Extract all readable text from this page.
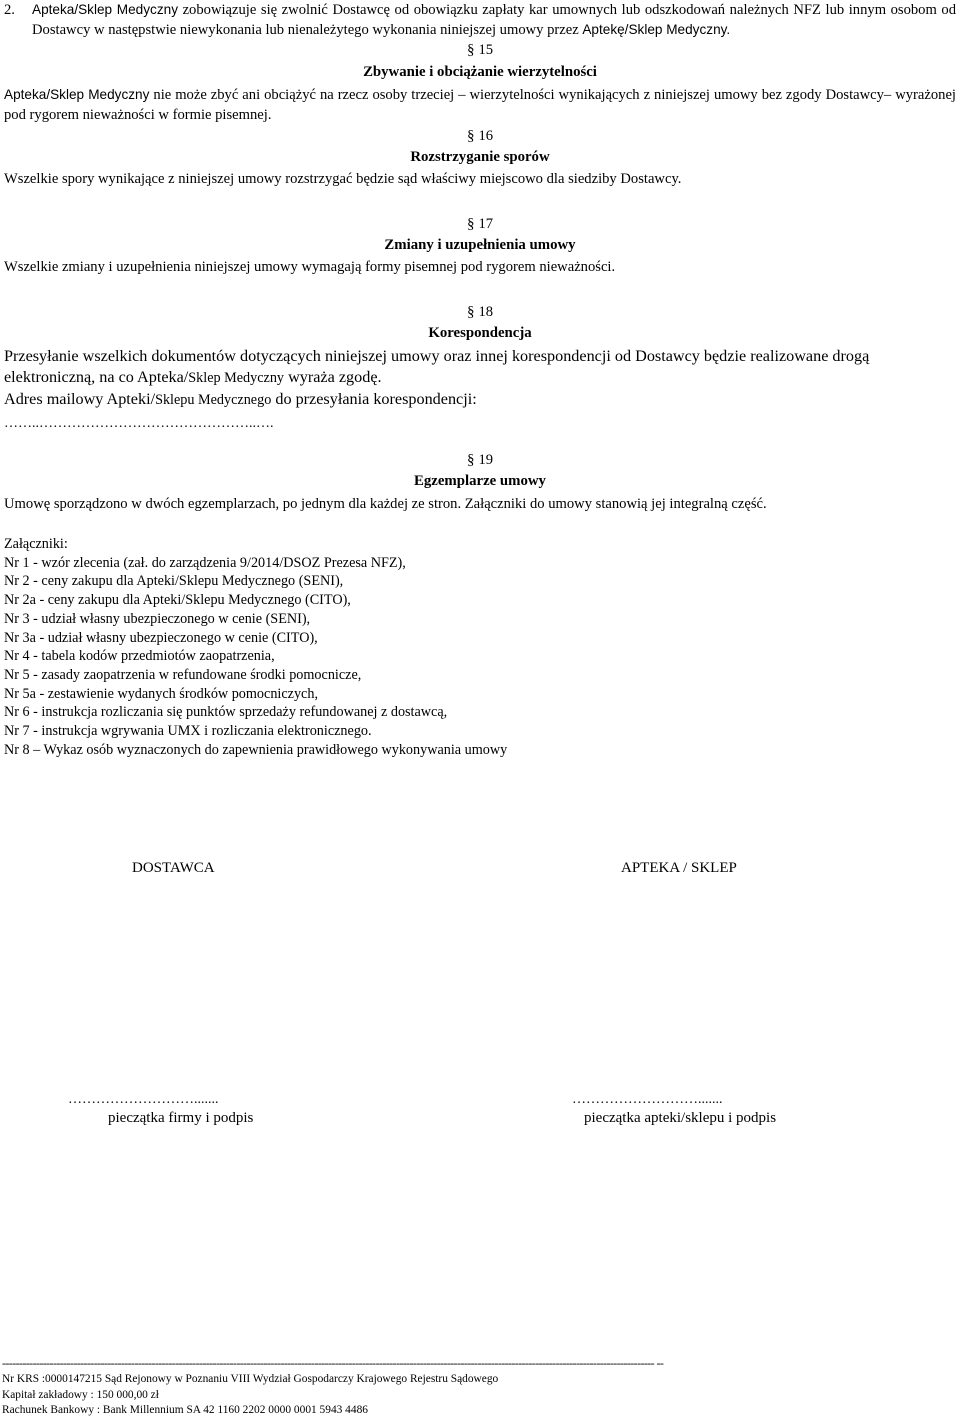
2. Apteka/Sklep Medyczny zobowiązuje się zwolnić Dostawcę od obowiązku zapłaty kar umownych lub odszkodowań należnych NFZ lub innym osobom od Dostawcy w następstwie niewykonania lub nienależytego wykonania niniejszej umowy przez Aptekę/Sklep Medyczny.
§ 15
Zbywanie i obciążanie wierzytelności
Apteka/Sklep Medyczny nie może zbyć ani obciążyć na rzecz osoby trzeciej – wierzytelności wynikających z niniejszej umowy bez zgody Dostawcy– wyrażonej pod rygorem nieważności w formie pisemnej.
§ 16
Rozstrzyganie sporów
Wszelkie spory wynikające z niniejszej umowy rozstrzygać będzie sąd właściwy miejscowo dla siedziby Dostawcy.
§ 17
Zmiany i uzupełnienia umowy
Wszelkie zmiany i uzupełnienia niniejszej umowy wymagają formy pisemnej pod rygorem nieważności.
§ 18
Korespondencja
Przesyłanie wszelkich dokumentów dotyczących niniejszej umowy oraz innej korespondencji od Dostawcy będzie realizowane drogą elektroniczną, na co Apteka/Sklep Medyczny wyraża zgodę.
Adres mailowy Apteki/Sklepu Medycznego do przesyłania korespondencji:
……..………………………………………..….
§ 19
Egzemplarze umowy
Umowę sporządzono w dwóch egzemplarzach, po jednym dla każdej ze stron. Załączniki do umowy stanowią jej integralną część.
Załączniki:
Nr 1 - wzór zlecenia (zał. do zarządzenia 9/2014/DSOZ Prezesa NFZ),
Nr 2 - ceny zakupu dla Apteki/Sklepu Medycznego (SENI),
Nr 2a - ceny zakupu dla Apteki/Sklepu Medycznego (CITO),
Nr 3 - udział własny ubezpieczonego w cenie (SENI),
Nr 3a - udział własny ubezpieczonego w cenie (CITO),
Nr 4 - tabela kodów przedmiotów zaopatrzenia,
Nr 5 - zasady zaopatrzenia w refundowane środki pomocnicze,
Nr 5a - zestawienie wydanych środków pomocniczych,
Nr 6 - instrukcja rozliczania się punktów sprzedaży refundowanej z dostawcą,
Nr 7 - instrukcja wgrywania UMX i rozliczania elektronicznego.
Nr 8 – Wykaz osób wyznaczonych do zapewnienia prawidłowego wykonywania umowy
DOSTAWCA	APTEKA / SKLEP
……………………….......	……………………….......
pieczątka firmy i podpis	pieczątka apteki/sklepu i podpis
------------------------------------------------------------------------------------------------------------------------------------------------------------------------------------------------ --
Nr KRS :0000147215 Sąd Rejonowy w Poznaniu VIII Wydział Gospodarczy Krajowego Rejestru Sądowego
Kapitał zakładowy : 150 000,00 zł
Rachunek Bankowy : Bank Millennium SA 42 1160 2202 0000 0001 5943 4486
